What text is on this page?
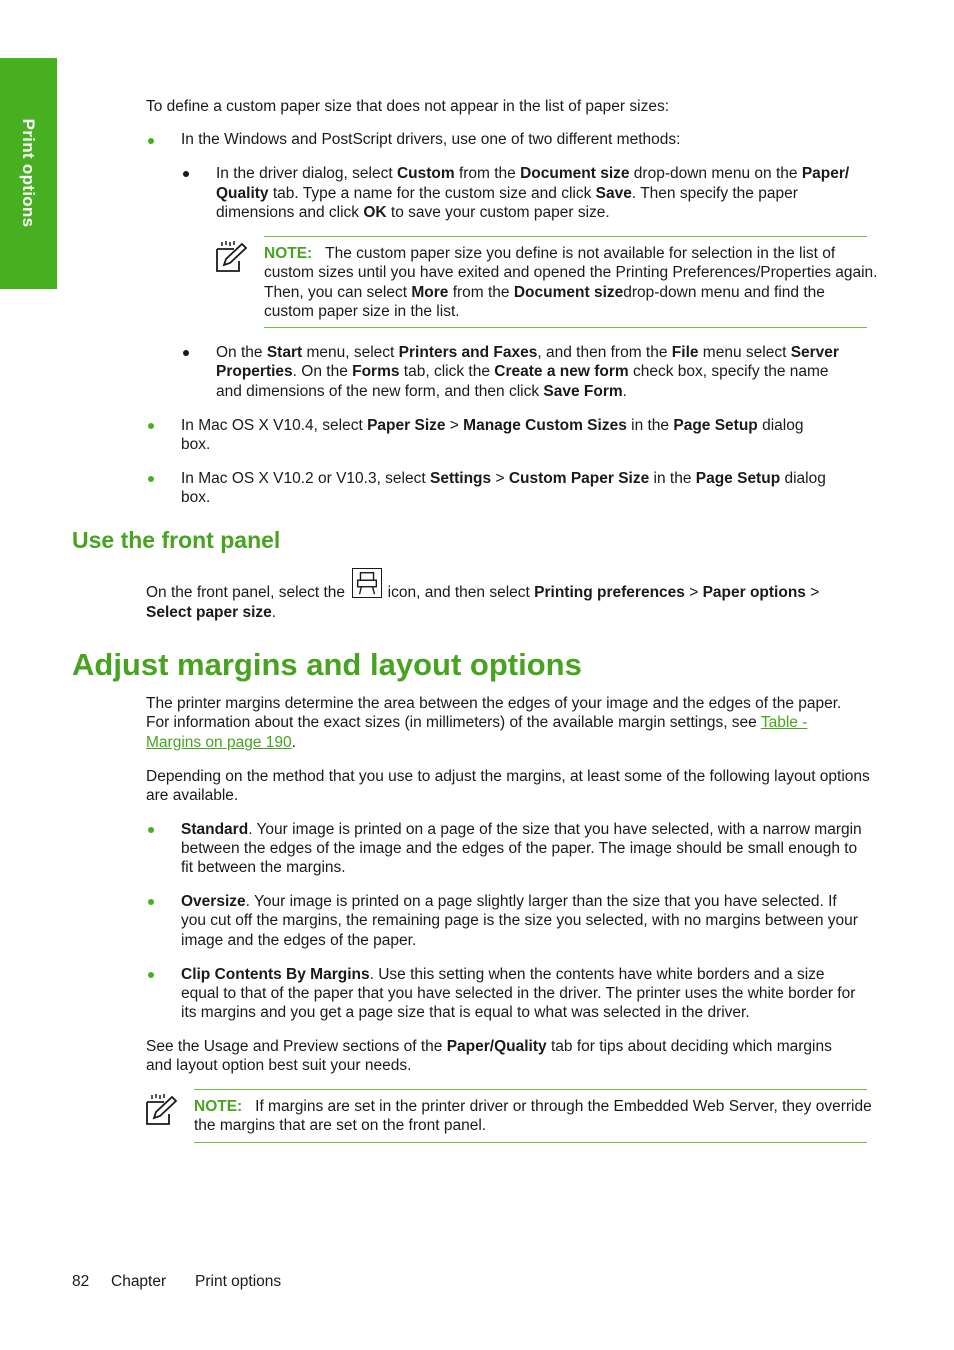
Print options
To define a custom paper size that does not appear in the list of paper sizes:
In the Windows and PostScript drivers, use one of two different methods:
In the driver dialog, select Custom from the Document size drop-down menu on the Paper/
Quality tab. Type a name for the custom size and click Save. Then specify the paper
dimensions and click OK to save your custom paper size.
NOTE: The custom paper size you define is not available for selection in the list of
custom sizes until you have exited and opened the Printing Preferences/Properties again.
Then, you can select More from the Document sizedrop-down menu and find the
custom paper size in the list.
On the Start menu, select Printers and Faxes, and then from the File menu select Server
Properties. On the Forms tab, click the Create a new form check box, specify the name
and dimensions of the new form, and then click Save Form.
In Mac OS X V10.4, select Paper Size > Manage Custom Sizes in the Page Setup dialog
box.
In Mac OS X V10.2 or V10.3, select Settings > Custom Paper Size in the Page Setup dialog
box.
Use the front panel
On the front panel, select the  icon, and then select Printing preferences > Paper options >
Select paper size.
Adjust margins and layout options
The printer margins determine the area between the edges of your image and the edges of the paper.
For information about the exact sizes (in millimeters) of the available margin settings, see Table -
Margins on page 190.
Depending on the method that you use to adjust the margins, at least some of the following layout options
are available.
Standard. Your image is printed on a page of the size that you have selected, with a narrow margin
between the edges of the image and the edges of the paper. The image should be small enough to
fit between the margins.
Oversize. Your image is printed on a page slightly larger than the size that you have selected. If
you cut off the margins, the remaining page is the size you selected, with no margins between your
image and the edges of the paper.
Clip Contents By Margins. Use this setting when the contents have white borders and a size
equal to that of the paper that you have selected in the driver. The printer uses the white border for
its margins and you get a page size that is equal to what was selected in the driver.
See the Usage and Preview sections of the Paper/Quality tab for tips about deciding which margins
and layout option best suit your needs.
NOTE: If margins are set in the printer driver or through the Embedded Web Server, they override
the margins that are set on the front panel.
82 Chapter Print options
